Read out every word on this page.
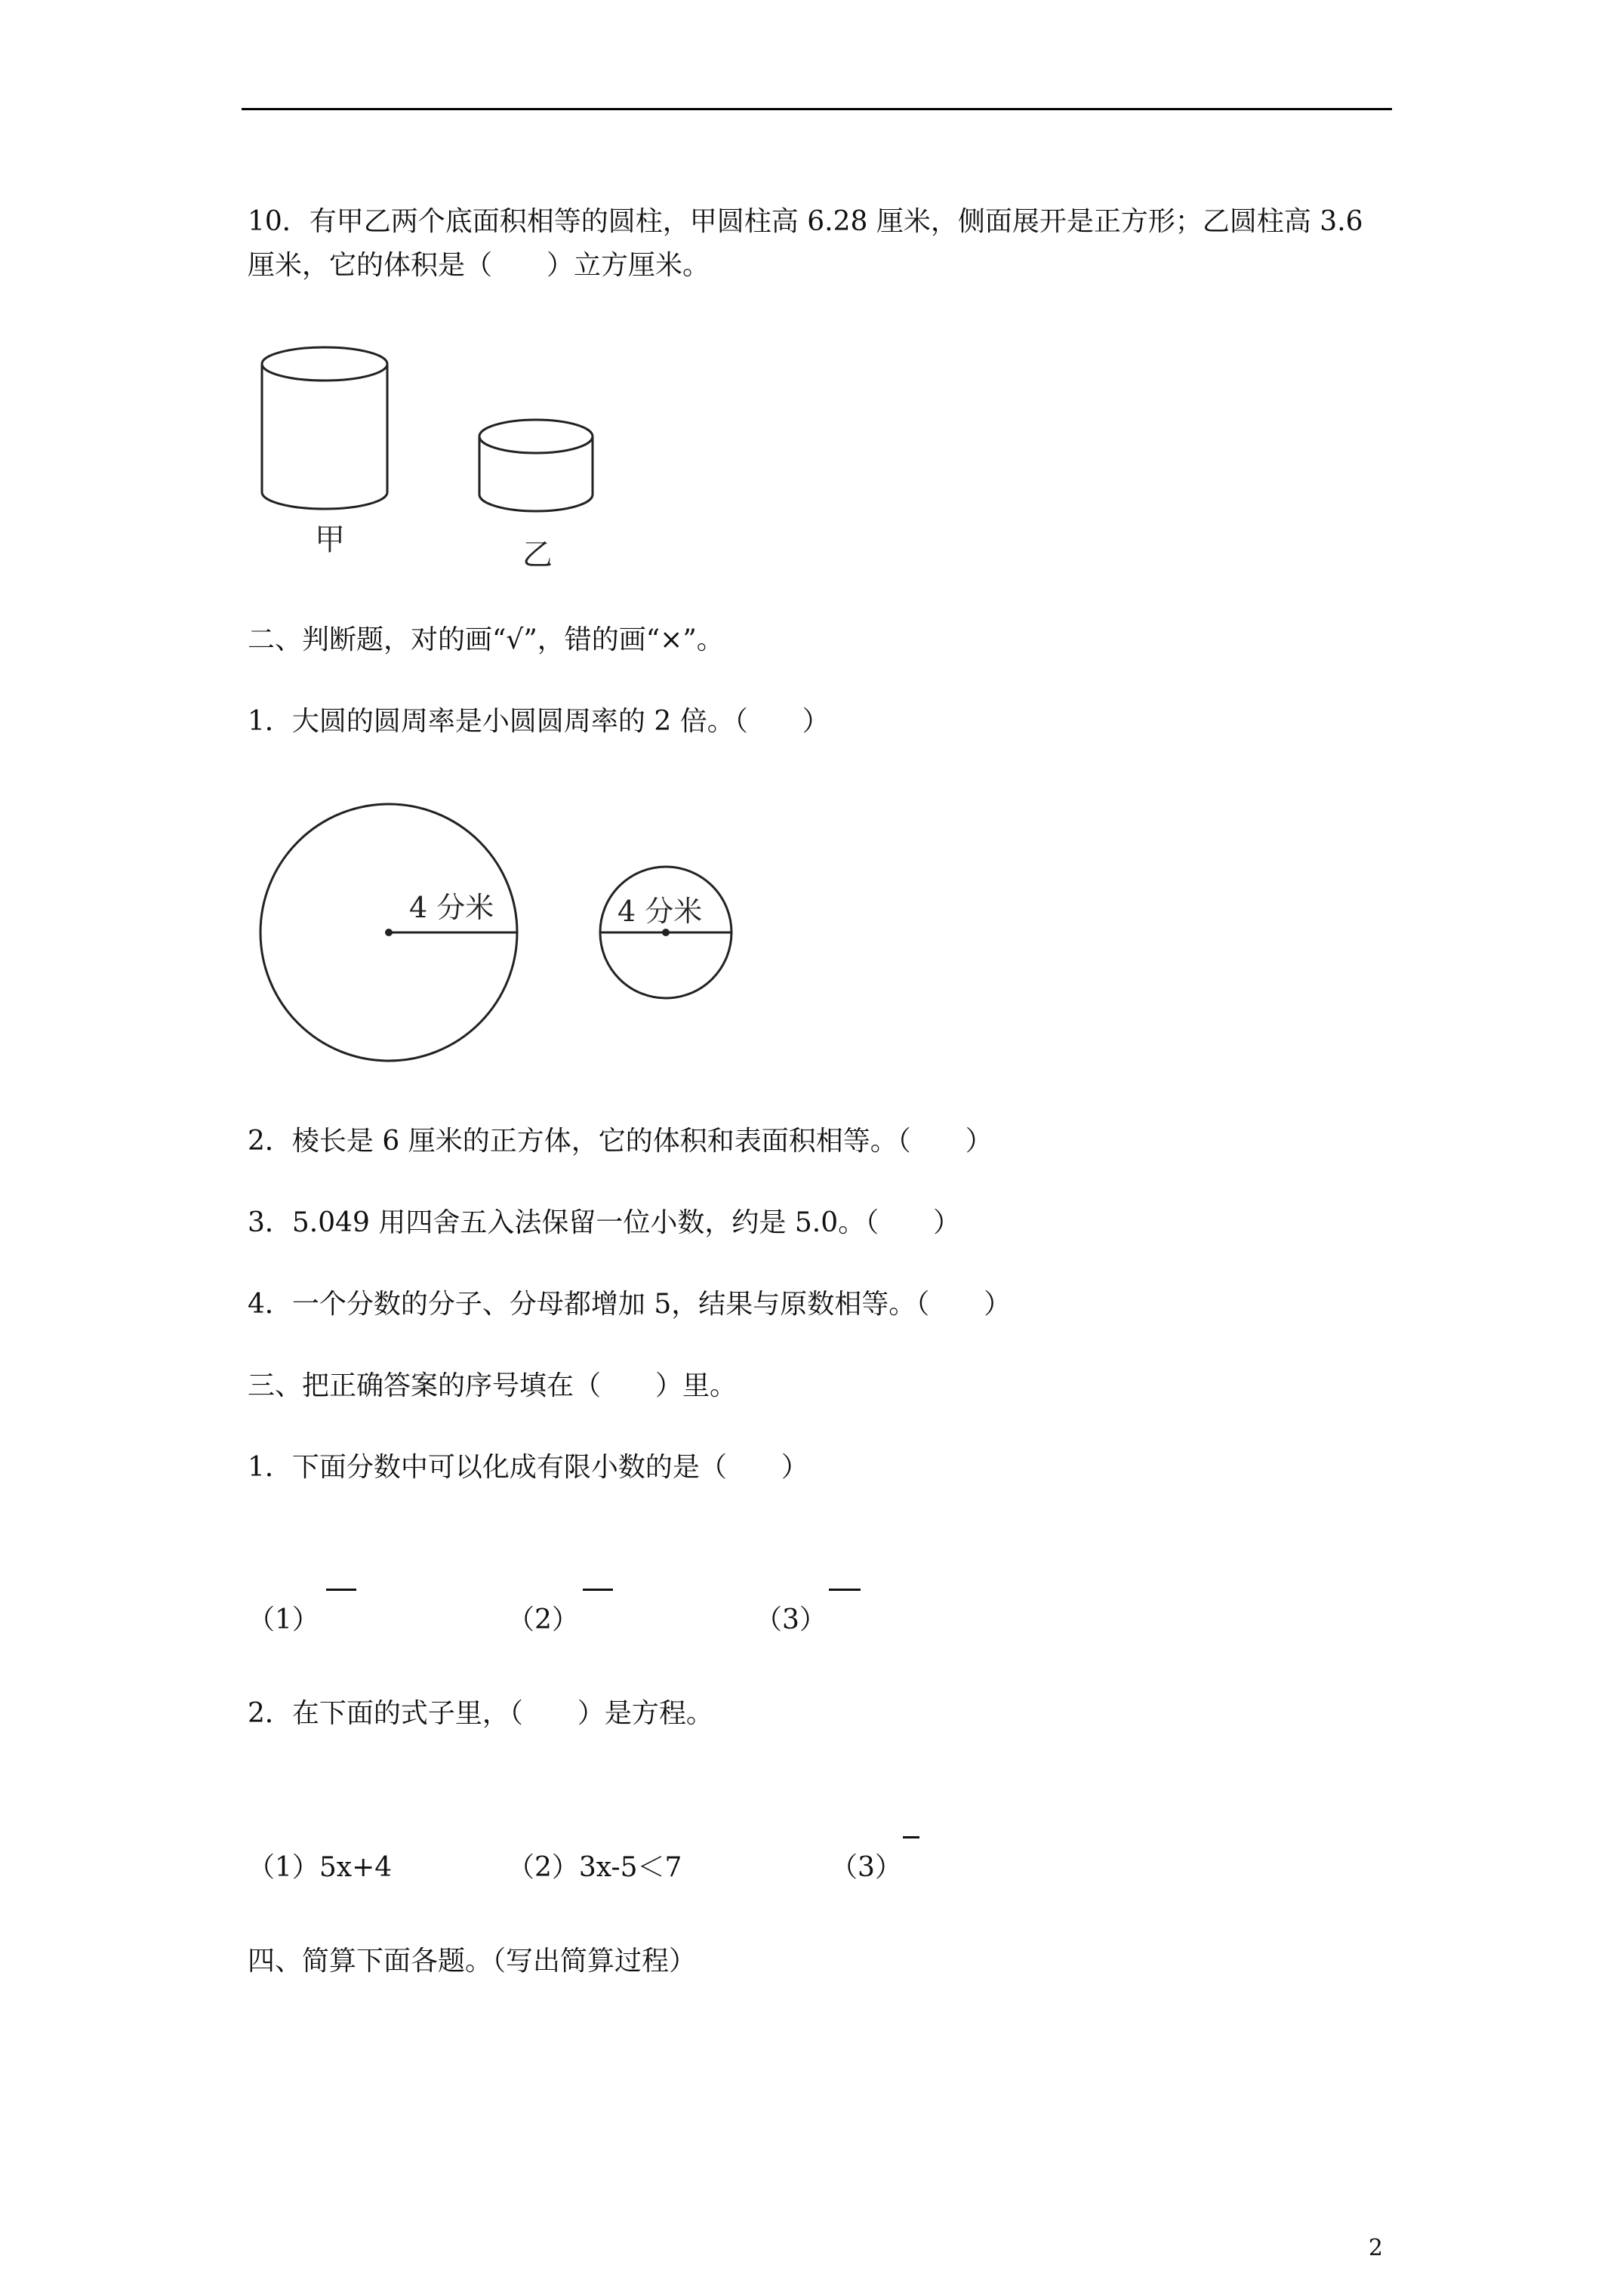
10．有甲乙两个底面积相等的圆柱，甲圆柱高 6.28 厘米，侧面展开是正方形；乙圆柱高 3.6
厘米，它的体积是（　　）立方厘米。
甲	乙
二、判断题，对的画“√”，错的画“×”。
1．大圆的圆周率是小圆圆周率的 2 倍。（　　）
4 分米	4 分米
2．棱长是 6 厘米的正方体，它的体积和表面积相等。（　　）
3．5.049 用四舍五入法保留一位小数，约是 5.0。（　　）
4．一个分数的分子、分母都增加 5，结果与原数相等。（　　）
三、把正确答案的序号填在（　　）里。
1．下面分数中可以化成有限小数的是（　　）
（1）	（2）	（3）
2．在下面的式子里，（　　）是方程。
（1）5x+4	（2）3x-5＜7	（3）
四、简算下面各题。（写出简算过程）
2
